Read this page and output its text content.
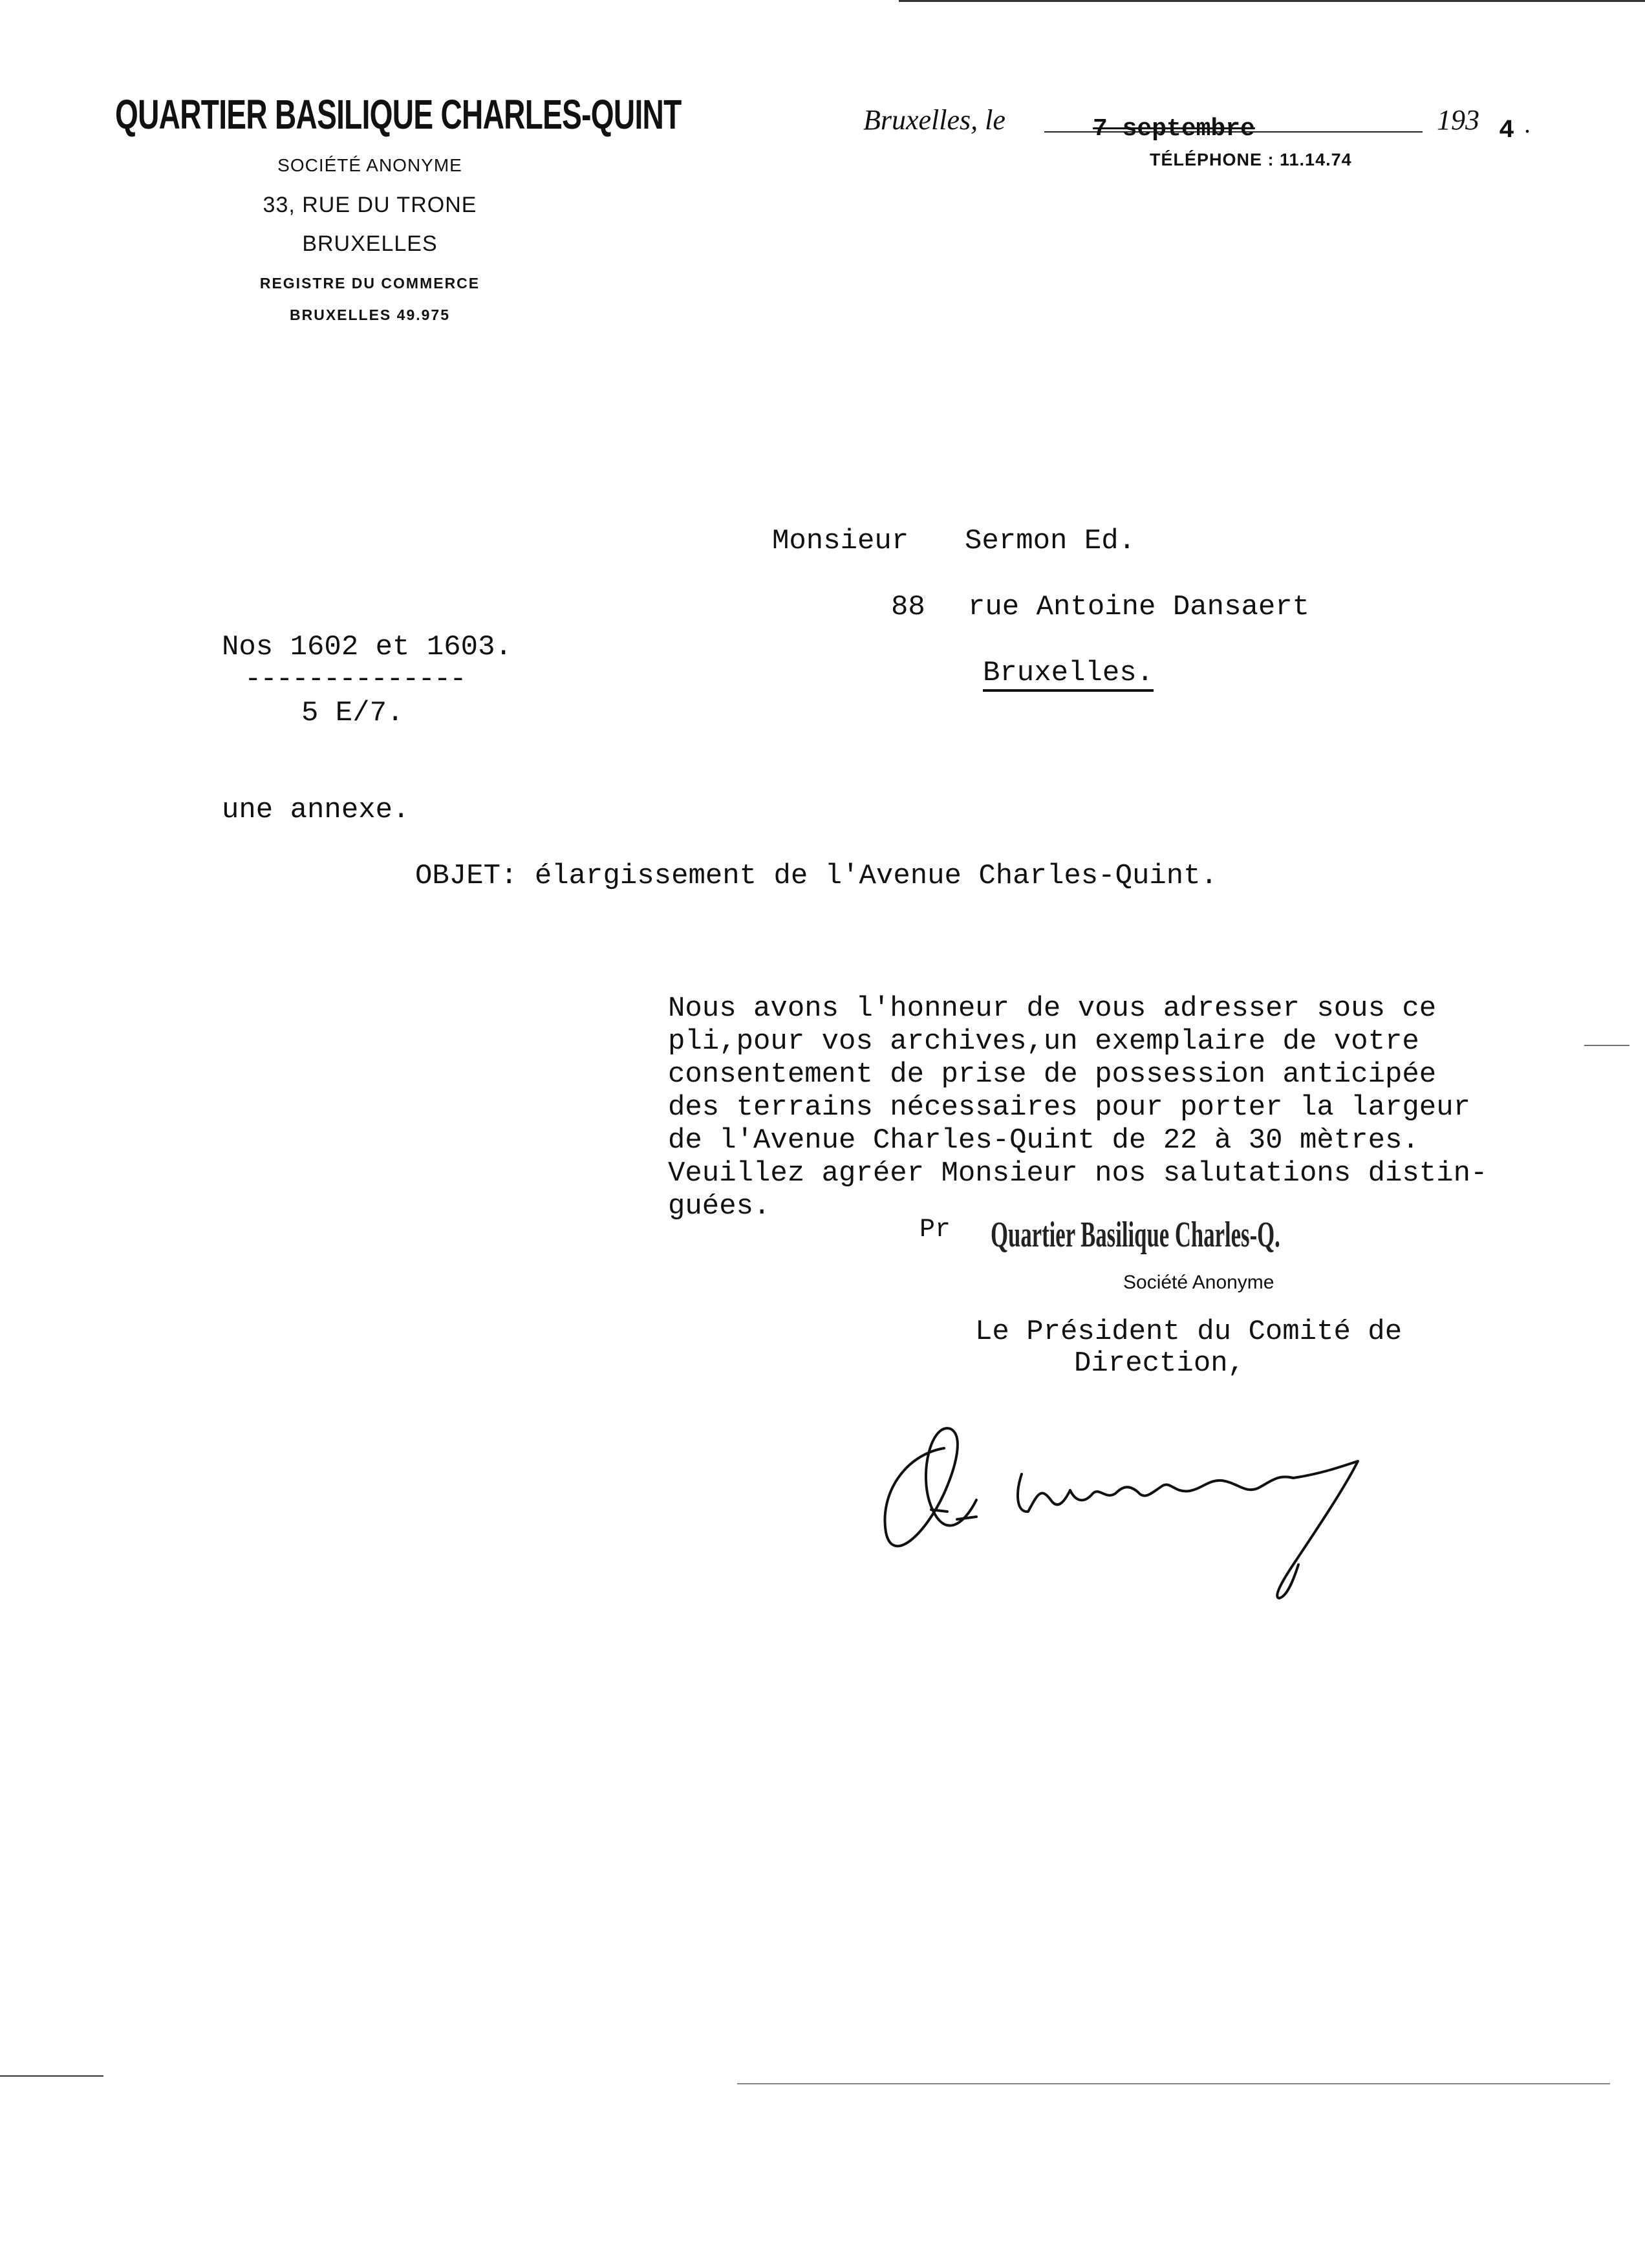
QUARTIER BASILIQUE CHARLES-QUINT
SOCIÉTÉ ANONYME
33, RUE DU TRONE
BRUXELLES
REGISTRE DU COMMERCE
BRUXELLES 49.975
Bruxelles, le	7 septembre	193 4 .
TÉLÉPHONE : 11.14.74
Monsieur Sermon Ed.
88 rue Antoine Dansaert
Bruxelles.
Nos 1602 et 1603.
--------------
5 E/7.
une annexe.
OBJET: élargissement de l'Avenue Charles-Quint.
Nous avons l'honneur de vous adresser sous ce
pli,pour vos archives,un exemplaire de votre
consentement de prise de possession anticipée
des terrains nécessaires pour porter la largeur
de l'Avenue Charles-Quint de 22 à 30 mètres.
Veuillez agréer Monsieur nos salutations distin-
guées.
Pr Quartier Basilique Charles-Q.
Société Anonyme
Le Président du Comité de
Direction,
